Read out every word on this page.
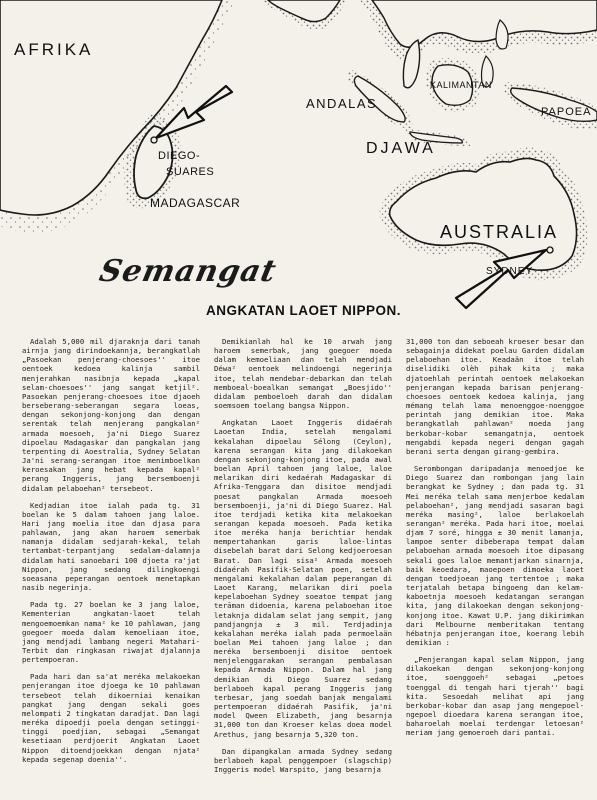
AFRIKA
ANDALAS
DJAWA
KALIMANTAN
PAPOEA
DIEGO-
SUARES
MADAGASCAR
AUSTRALIA
SYDNEY
Semangat
ANGKATAN LAOET NIPPON.

Adalah 5,000 mil djaraknja dari tanah airnja jang dirindoekannja, berangkatlah „Pasoekan penjerang-choesoes'' itoe oentoek kedoea kalinja sambil menjerahkan nasibnja kepada „kapal selam-choesoes'' jang sangat ketjil². Pasoekan penjerang-choesoes itoe djaoeh berseberang-seberangan segara loeas, dengan sekonjong-konjong dan dengan serentak telah menjerang pangkalan² armada moesoeh, ja'ni Diego Suarez dipoelau Madagaskar dan pangkalan jang terpenting di Aoestralia, Sydney Selatan Ja'ni serang-serangan itoe menimboelkan keroesakan jang hebat kepada kapal² perang Inggeris, jang bersemboenji didalam pelaboehan² tersebeot.

Kedjadian itoe ialah pada tg. 31 boelan ke 5 dalam tahoen jang laloe. Hari jang moelia itoe dan djasa para pahlawan, jang akan haroem semerbak namanja didalam sedjarah-kekal, telah tertambat-terpantjang sedalam-dalamnja didalam hati sanoebari 100 djoeta ra'jat Nippon, jang sedang dilingkoengi soeasana peperangan oentoek menetapkan nasib negerinja.

Pada tg. 27 boelan ke 3 jang laloe, Kementerian angkatan-laoet telah mengoemoemkan nama² ke 10 pahlawan, jang goegoer moeda dalam kemoeliaan itoe, jang mendjadi lambang negeri Matahari-Terbit dan ringkasan riwajat djalannja pertempoeran.

Pada hari dan sa'at meréka melakoekan penjerangan itoe djoega ke 10 pahlawan tersebeot telah dikoerniai kenaikan pangkat jang dengan sekali goes melompati 2 tingkatan daradjat. Dan lagi meréka dipoedji poela dengan setinggi-tinggi poedjian, sebagai „Semangat kesetiaan perdjoerit Angkatan Laoet Nippon ditoendjoekkan dengan njata² kepada segenap doenia''.

Demikianlah hal ke 10 arwah jang haroem semerbak, jang goegoer moeda dalam kemoeliaan dan telah mendjadi Déwa² oentoek melindoengi negerinja itoe, telah mendebar-debarkan dan telah memboeal-boealkan semangat „Boesjido'' didalam pemboeloeh darah dan didalam soemsoem toelang bangsa Nippon.

Angkatan Laoet Inggeris didaérah Laoetan India, setelah mengalami kekalahan dipoelau Sélong (Ceylon), karena serangan kita jang dilakoekan dengan sekonjong-konjong itoe, pada awal boelan April tahoen jang laloe, laloe melarikan diri kedaérah Madagaskar di Afrika-Tenggara dan disitoe mendjadi poesat pangkalan Armada moesoeh bersemboenji, ja'ni di Diego Suarez. Hal itoe terdjadi ketika kita melakoekan serangan kepada moesoeh. Pada ketika itoe meréka hanja berichtiar hendak mempertahankan garis laloe-lintas disebelah barat dari Selong kedjoeroesan Barat. Dan lagi sisa² Armada moesoeh didaérah Pasifik-Selatan poen, setelah mengalami kekalahan dalam peperangan di Laoet Karang, melarikan diri poela kepelaboehan Sydney soeatoe tempat jang terāman didoenia, karena pelaboehan itoe letaknja didalam selat jang sempit, jang pandjangnja ± 3 mil. Terdjadinja kekalahan meréka ialah pada permoelaän boelan Mei tahoen jang laloe ; dan meréka bersemboenji disitoe oentoek menjelenggarakan serangan pembalasan kepada Armada Nippon. Dalam hal jang demikian di Diego Suarez sedang berlaboeh kapal perang Inggeris jang terbesar, jang soedah banjak mengalami pertempoeran didaérah Pasifik, ja'ni model Qween Elizabeth, jang besarnja 31,000 ton dan Kroeser kelas doea model Arethus, jang besarnja 5,320 ton.

Dan dipangkalan armada Sydney sedang berlaboeh kapal penggempoer (slagschip) Inggeris model Warspito, jang besarnja

31,000 ton dan seboeah kroeser besar dan sebagainja didekat poelau Garden didalam pelaboehan itoe. Keadaän itoe telah diselidiki olèh pihak kita ; maka djatoehlah perintah oentoek melakoekan penjerangan kepada barisan penjerang-choesoes oentoek kedoea kalinja, jang mémang telah lama menoenggoe-noenggoe perintah jang demikian itoe. Maka berangkatlah pahlawan² moeda jang berkobar-kobar semangatnja, oentoek mengabdi kepada negeri dengan gagah berani serta dengan girang-gembira.

Serombongan daripadanja menoedjoe ke Diego Suarez dan rombongan jang lain berangkat ke Sydney ; dan pada tg. 31 Mei meréka telah sama menjerboe kedalam pelaboehan², jang mendjadi sasaran bagi meréka masing², laloe berlakoelah serangan² meréka. Pada hari itoe, moelai djam 7 soré, hingga ± 30 menit lamanja, lampoe senter dibeberapa tempat dalam pelaboehan armada moesoeh itoe dipasang sekali goes laloe memantjarkan sinarnja, baik keoedara, maoepoen dimoeka laoet dengan toedjoean jang tertentoe ; maka terjatalah betapa bingoeng dan kelam-kaboetnja moesoeh kedatangan serangan kita, jang dilakoekan dengan sekonjong-konjong itoe. Kawat U.P. jang dikirimkan dari Melbourne memberitakan tentang hébatnja penjerangan itoe, koerang lebih demikian :

„Penjerangan kapal selam Nippon, jang dilakoekan dengan sekonjong-konjong itoe, soenggoeh² sebagai „petoes toenggal di tengah hari tjerah'' bagi kita. Sesoedah melihat api jang berkobar-kobar dan asap jang mengepoel-ngepoel dioedara karena serangan itoe, baharoelah moelai terdengar letoesan² meriam jang gemoeroeh dari pantai.
